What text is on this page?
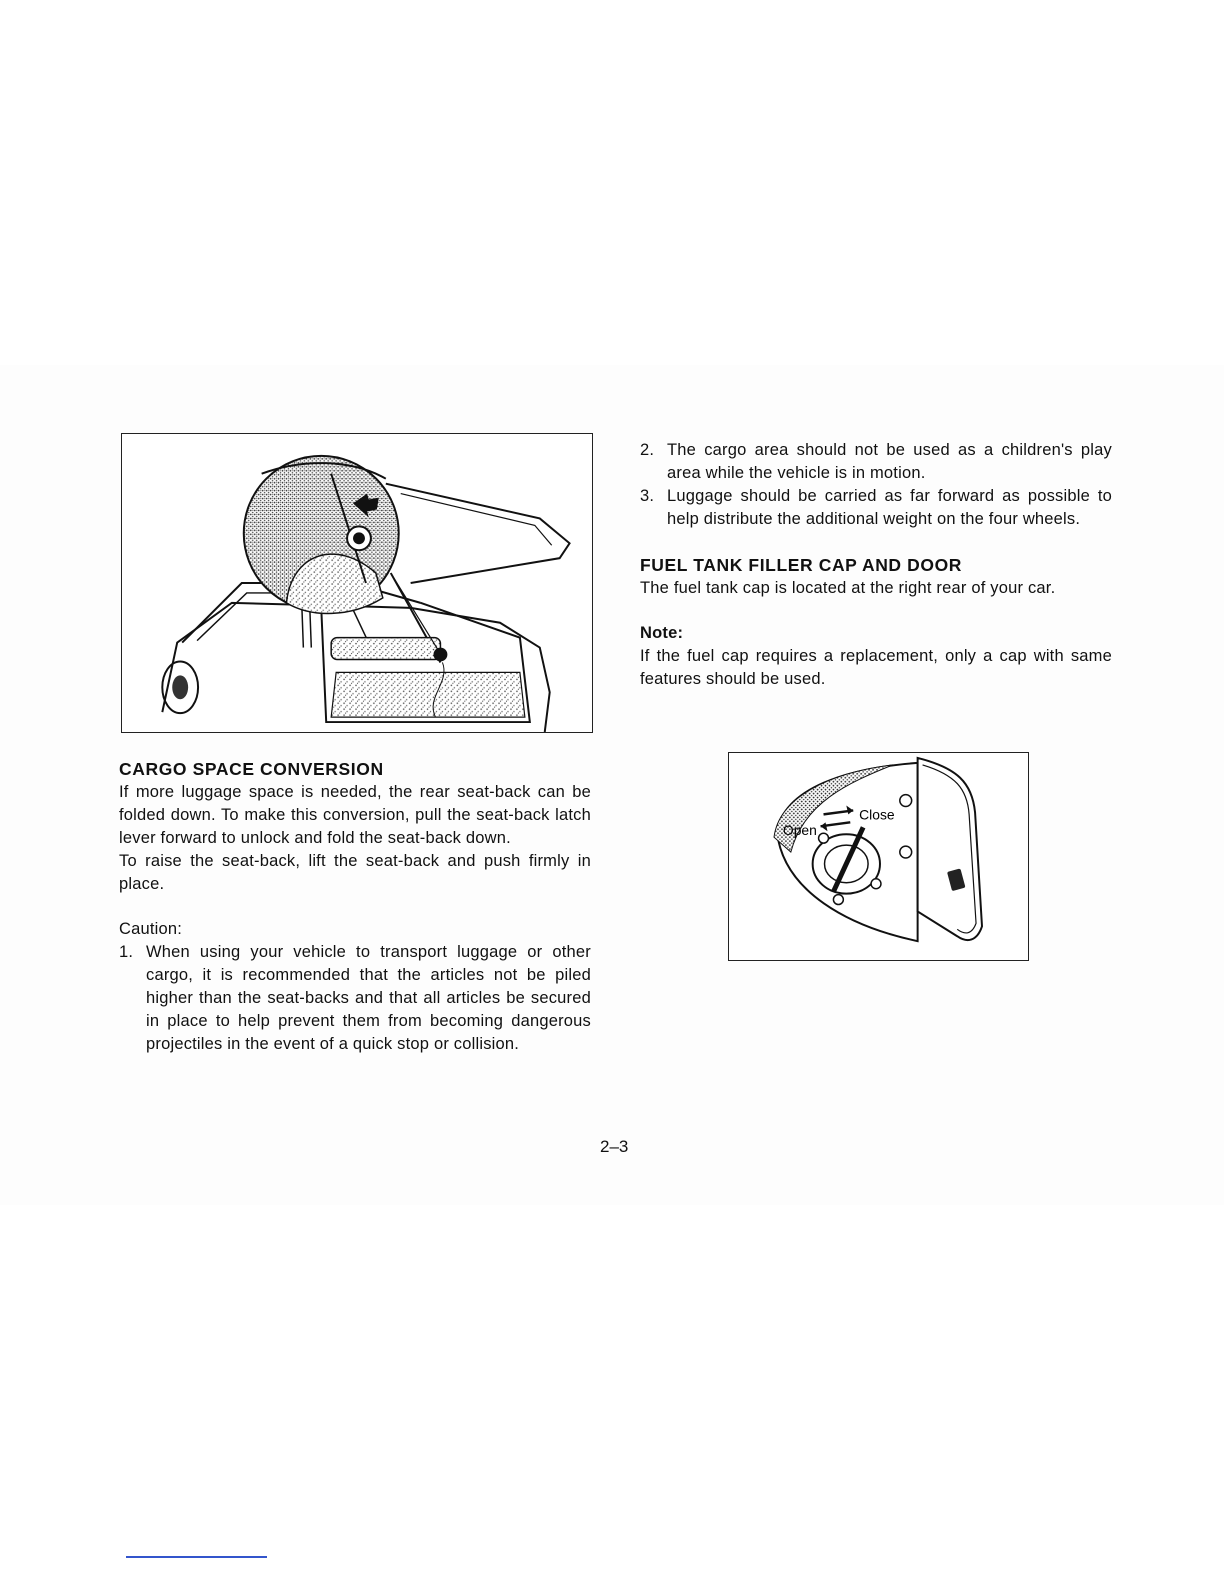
CARGO SPACE CONVERSION

If more luggage space is needed, the rear seat-back can be folded down. To make this conversion, pull the seat-back latch lever forward to unlock and fold the seat-back down.

To raise the seat-back, lift the seat-back and push firmly in place.

Caution:
1. When using your vehicle to transport luggage or other cargo, it is recommended that the articles not be piled higher than the seat-backs and that all articles be secured in place to help prevent them from becoming dangerous projectiles in the event of a quick stop or collision.
2. The cargo area should not be used as a children's play area while the vehicle is in motion.
3. Luggage should be carried as far forward as possible to help distribute the additional weight on the four wheels.
FUEL TANK FILLER CAP AND DOOR

The fuel tank cap is located at the right rear of your car.

Note:

If the fuel cap requires a replacement, only a cap with same features should be used.

Close
Open
2–3
